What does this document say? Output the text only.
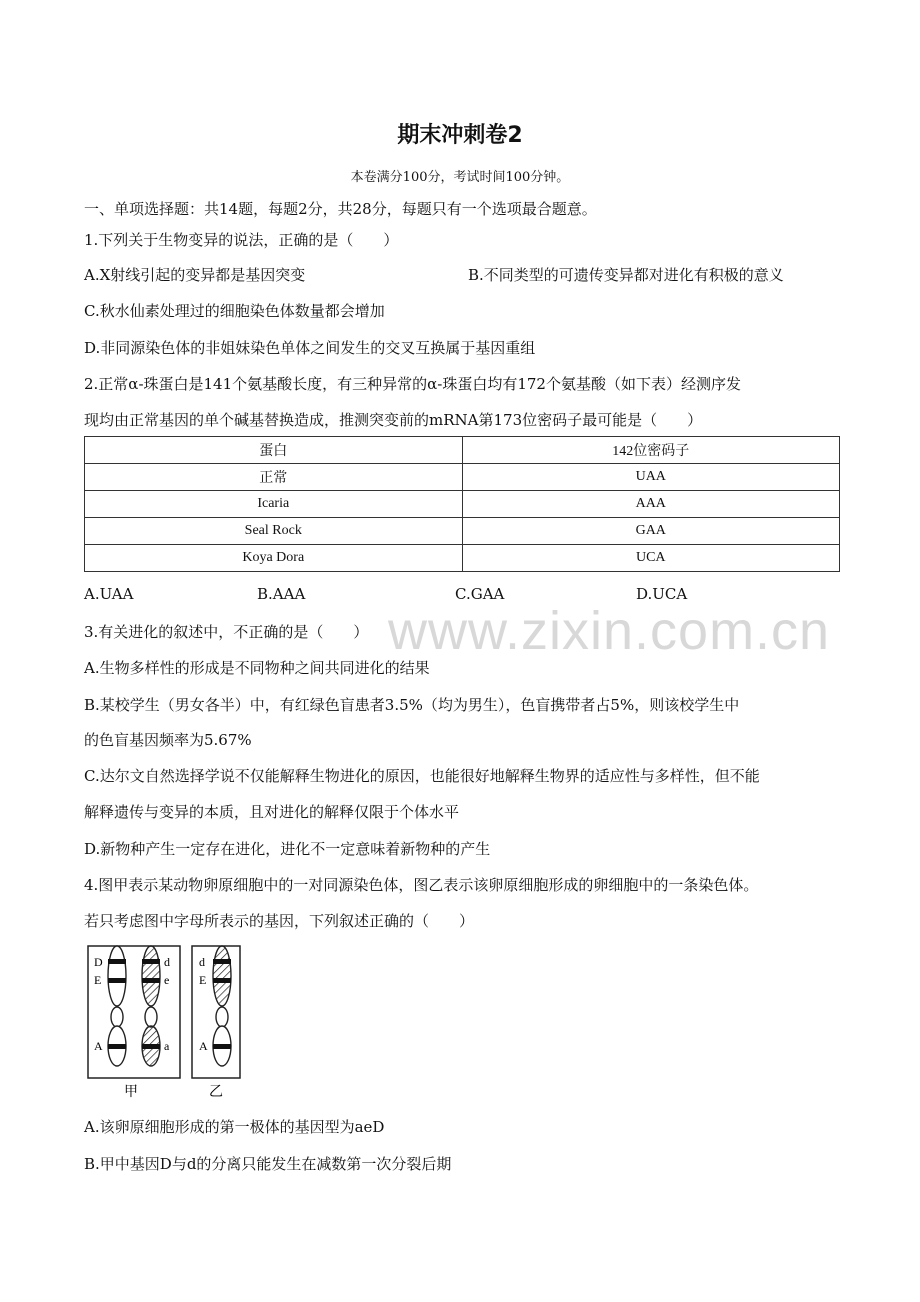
期末冲刺卷2
本卷满分100分，考试时间100分钟。
一、单项选择题：共14题，每题2分，共28分，每题只有一个选项最合题意。
1.下列关于生物变异的说法，正确的是（　　）
A.X射线引起的变异都是基因突变	B.不同类型的可遗传变异都对进化有积极的意义
C.秋水仙素处理过的细胞染色体数量都会增加
D.非同源染色体的非姐妹染色单体之间发生的交叉互换属于基因重组
2.正常α-珠蛋白是141个氨基酸长度，有三种异常的α-珠蛋白均有172个氨基酸（如下表）经测序发
现均由正常基因的单个碱基替换造成，推测突变前的mRNA第173位密码子最可能是（　　）
蛋白	142位密码子
正常	UAA
Icaria	AAA
Seal Rock	GAA
Koya Dora	UCA
A.UAA	B.AAA	C.GAA	D.UCA
www.zixin.com.cn
3.有关进化的叙述中，不正确的是（　　）
A.生物多样性的形成是不同物种之间共同进化的结果
B.某校学生（男女各半）中，有红绿色盲患者3.5%（均为男生），色盲携带者占5%，则该校学生中
的色盲基因频率为5.67%
C.达尔文自然选择学说不仅能解释生物进化的原因，也能很好地解释生物界的适应性与多样性，但不能
解释遗传与变异的本质，且对进化的解释仅限于个体水平
D.新物种产生一定存在进化，进化不一定意味着新物种的产生
4.图甲表示某动物卵原细胞中的一对同源染色体，图乙表示该卵原细胞形成的卵细胞中的一条染色体。
若只考虑图中字母所表示的基因，下列叙述正确的（　　）
D
E
A
d
e
a
甲
d
E
A
乙
A.该卵原细胞形成的第一极体的基因型为aeD
B.甲中基因D与d的分离只能发生在减数第一次分裂后期
